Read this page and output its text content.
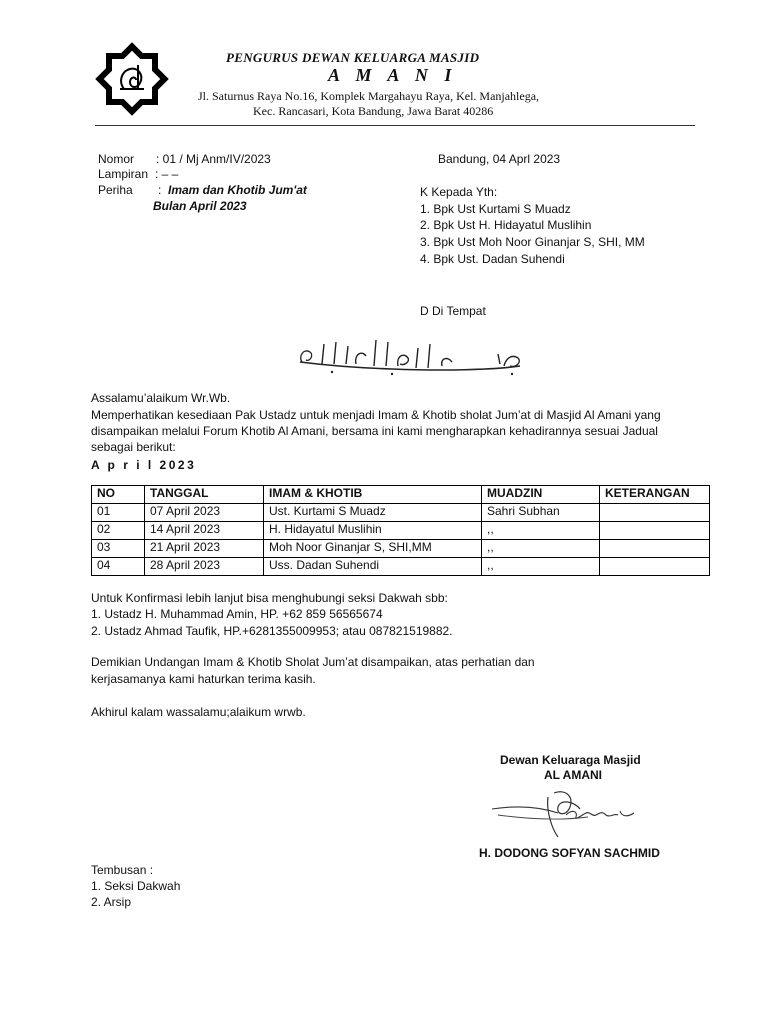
PENGURUS DEWAN KELUARGA MASJID
A M A N I
Jl. Saturnus Raya No.16, Komplek Margahayu Raya, Kel. Manjahlega,
Kec. Rancasari, Kota Bandung, Jawa Barat 40286
Nomor : 01 / Mj Anm/IV/2023
Lampiran : – –
Periha : Imam dan Khotib Jum'at
Bulan April 2023
Bandung, 04 Aprl 2023
K Kepada Yth:
1. Bpk Ust Kurtami S Muadz
2. Bpk Ust H. Hidayatul Muslihin
3. Bpk Ust Moh Noor Ginanjar S, SHI, MM
4. Bpk Ust. Dadan Suhendi
D Di Tempat
Assalamu’alaikum Wr.Wb.
Memperhatikan kesediaan Pak Ustadz untuk menjadi Imam & Khotib sholat Jum’at di Masjid Al Amani yang
disampaikan melalui Forum Khotib Al Amani, bersama ini kami mengharapkan kehadirannya sesuai Jadual
sebagai berikut:
A p r i l 2023
NO	TANGGAL	IMAM & KHOTIB	MUADZIN	KETERANGAN
01	07 April 2023	Ust. Kurtami S Muadz	Sahri Subhan	
02	14 April 2023	H. Hidayatul Muslihin	,,	
03	21 April 2023	Moh Noor Ginanjar S, SHI,MM	,,	
04	28 April 2023	Uss. Dadan Suhendi	,,	
Untuk Konfirmasi lebih lanjut bisa menghubungi seksi Dakwah sbb:
1. Ustadz H. Muhammad Amin, HP. +62 859 56565674
2. Ustadz Ahmad Taufik, HP.+6281355009953; atau 087821519882.
Demikian Undangan Imam & Khotib Sholat Jum’at disampaikan, atas perhatian dan
kerjasamanya kami haturkan terima kasih.
Akhirul kalam wassalamu;alaikum wrwb.
Dewan Keluaraga Masjid
AL AMANI
H. DODONG SOFYAN SACHMID
Tembusan :
1. Seksi Dakwah
2. Arsip
